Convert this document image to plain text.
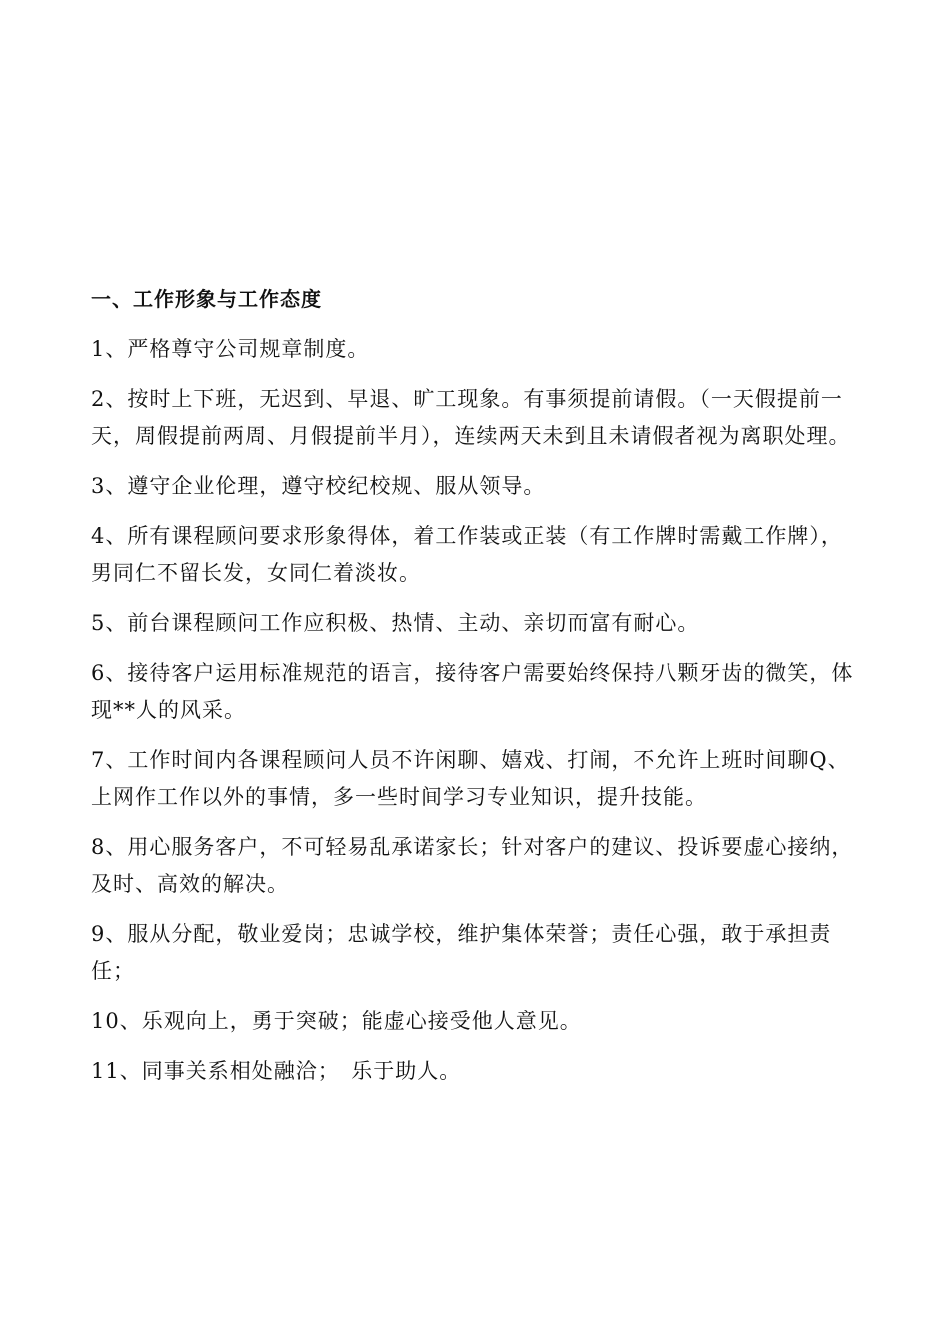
一、工作形象与工作态度
1、严格尊守公司规章制度。
2、按时上下班，无迟到、早退、旷工现象。有事须提前请假。（一天假提前一天，周假提前两周、月假提前半月），连续两天未到且未请假者视为离职处理。
3、遵守企业伦理，遵守校纪校规、服从领导。
4、所有课程顾问要求形象得体，着工作装或正装（有工作牌时需戴工作牌），男同仁不留长发，女同仁着淡妆。
5、前台课程顾问工作应积极、热情、主动、亲切而富有耐心。
6、接待客户运用标准规范的语言，接待客户需要始终保持八颗牙齿的微笑，体现**人的风采。
7、工作时间内各课程顾问人员不许闲聊、嬉戏、打闹，不允许上班时间聊Q、上网作工作以外的事情，多一些时间学习专业知识，提升技能。
8、用心服务客户，不可轻易乱承诺家长；针对客户的建议、投诉要虚心接纳，及时、高效的解决。
9、服从分配，敬业爱岗；忠诚学校，维护集体荣誉；责任心强，敢于承担责任；
10、乐观向上，勇于突破；能虚心接受他人意见。
11、同事关系相处融洽；　乐于助人。
